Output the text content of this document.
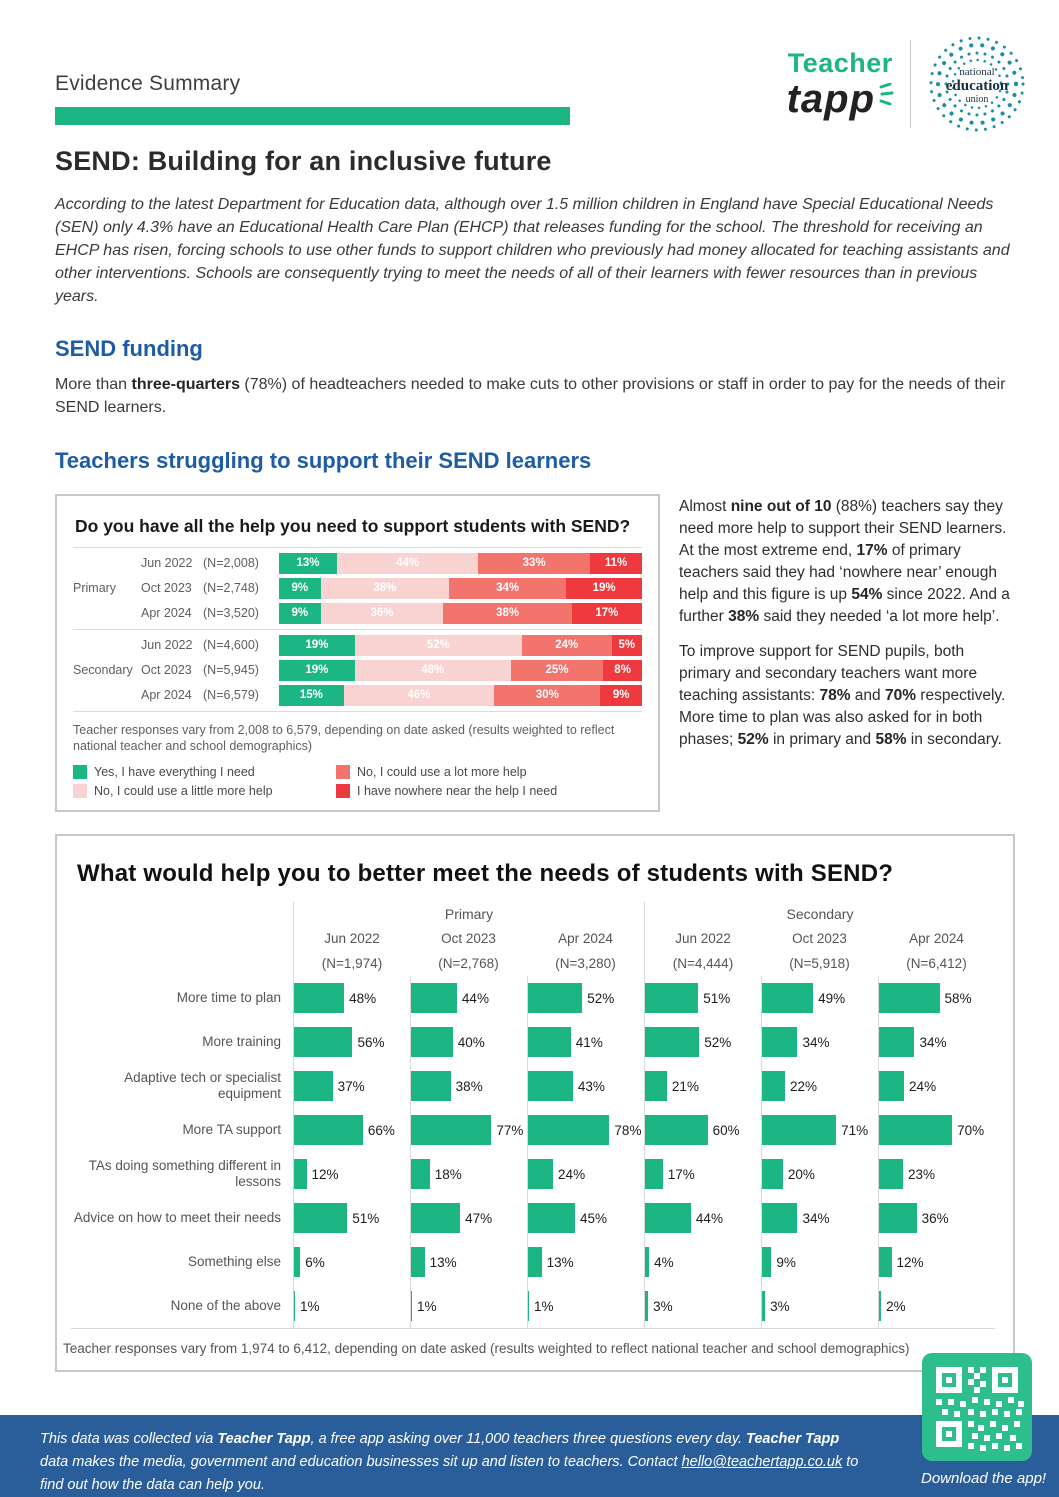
Evidence Summary
Teacher
tapp
national
education
union
SEND: Building for an inclusive future

According to the latest Department for Education data, although over 1.5 million children in England have Special Educational Needs (SEN) only 4.3% have an Educational Health Care Plan (EHCP) that releases funding for the school. The threshold for receiving an EHCP has risen, forcing schools to use other funds to support children who previously had money allocated for teaching assistants and other interventions. Schools are consequently trying to meet the needs of all of their learners with fewer resources than in previous years.

SEND funding

More than three-quarters (78%) of headteachers needed to make cuts to other provisions or staff in order to pay for the needs of their SEND learners.

Teachers struggling to support their SEND learners
Do you have all the help you need to support students with SEND?
Primary
Jun 2022 (N=2,008)	13%	44%	33%	11%
Oct 2023 (N=2,748)	9%	38%	34%	19%
Apr 2024 (N=3,520)	9%	36%	38%	17%
Secondary
Jun 2022 (N=4,600)	19%	52%	24%	5%
Oct 2023 (N=5,945)	19%	48%	25%	8%
Apr 2024 (N=6,579)	15%	46%	30%	9%
Teacher responses vary from 2,008 to 6,579, depending on date asked (results weighted to reflect national teacher and school demographics)
Yes, I have everything I need
No, I could use a little more help
No, I could use a lot more help
I have nowhere near the help I need

Almost nine out of 10 (88%) teachers say they need more help to support their SEND learners. At the most extreme end, 17% of primary teachers said they had ‘nowhere near’ enough help and this figure is up 54% since 2022. And a further 38% said they needed ‘a lot more help’.

To improve support for SEND pupils, both primary and secondary teachers want more teaching assistants: 78% and 70% respectively. More time to plan was also asked for in both phases; 52% in primary and 58% in secondary.

What would help you to better meet the needs of students with SEND?
Primary	Secondary
Jun 2022	Oct 2023	Apr 2024	Jun 2022	Oct 2023	Apr 2024
(N=1,974)	(N=2,768)	(N=3,280)	(N=4,444)	(N=5,918)	(N=6,412)
More time to plan	48%	44%	52%	51%	49%	58%
More training	56%	40%	41%	52%	34%	34%
Adaptive tech or specialist equipment	37%	38%	43%	21%	22%	24%
More TA support	66%	77%	78%	60%	71%	70%
TAs doing something different in lessons	12%	18%	24%	17%	20%	23%
Advice on how to meet their needs	51%	47%	45%	44%	34%	36%
Something else	6%	13%	13%	4%	9%	12%
None of the above	1%	1%	1%	3%	3%	2%
Teacher responses vary from 1,974 to 6,412, depending on date asked (results weighted to reflect national teacher and school demographics)
This data was collected via Teacher Tapp, a free app asking over 11,000 teachers three questions every day. Teacher Tapp data makes the media, government and education businesses sit up and listen to teachers. Contact hello@teachertapp.co.uk to find out how the data can help you.	Download the app!
